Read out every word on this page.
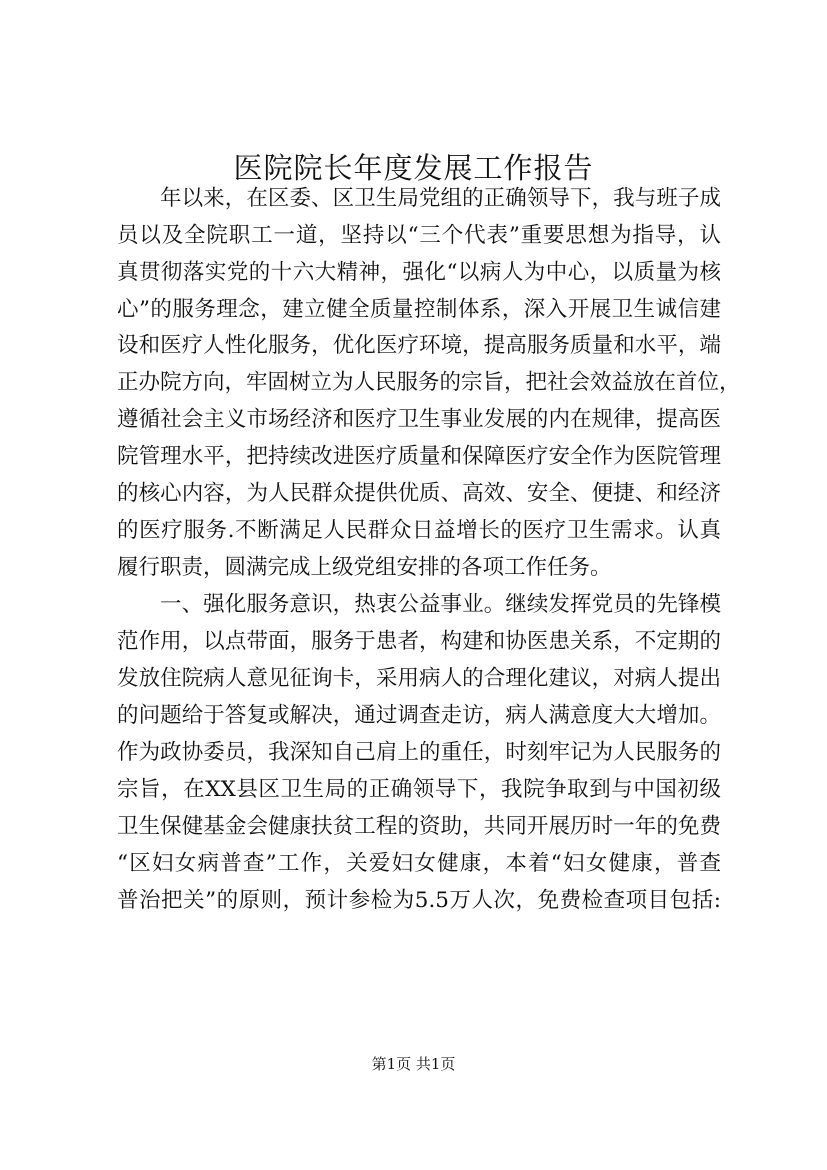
医院院长年度发展工作报告
年以来，在区委、区卫生局党组的正确领导下，我与班子成
员以及全院职工一道，坚持以“三个代表”重要思想为指导，认
真贯彻落实党的十六大精神，强化“以病人为中心，以质量为核
心”的服务理念，建立健全质量控制体系，深入开展卫生诚信建
设和医疗人性化服务，优化医疗环境，提高服务质量和水平，端
正办院方向，牢固树立为人民服务的宗旨，把社会效益放在首位，
遵循社会主义市场经济和医疗卫生事业发展的内在规律，提高医
院管理水平，把持续改进医疗质量和保障医疗安全作为医院管理
的核心内容，为人民群众提供优质、高效、安全、便捷、和经济
的医疗服务.不断满足人民群众日益增长的医疗卫生需求。认真
履行职责，圆满完成上级党组安排的各项工作任务。
一、强化服务意识，热衷公益事业。继续发挥党员的先锋模
范作用，以点带面，服务于患者，构建和协医患关系，不定期的
发放住院病人意见征询卡，采用病人的合理化建议，对病人提出
的问题给于答复或解决，通过调查走访，病人满意度大大增加。
作为政协委员，我深知自己肩上的重任，时刻牢记为人民服务的
宗旨，在XX县区卫生局的正确领导下，我院争取到与中国初级
卫生保健基金会健康扶贫工程的资助，共同开展历时一年的免费
“区妇女病普查”工作，关爱妇女健康，本着“妇女健康，普查
普治把关”的原则，预计参检为5.5万人次，免费检查项目包括:
第1页 共1页
